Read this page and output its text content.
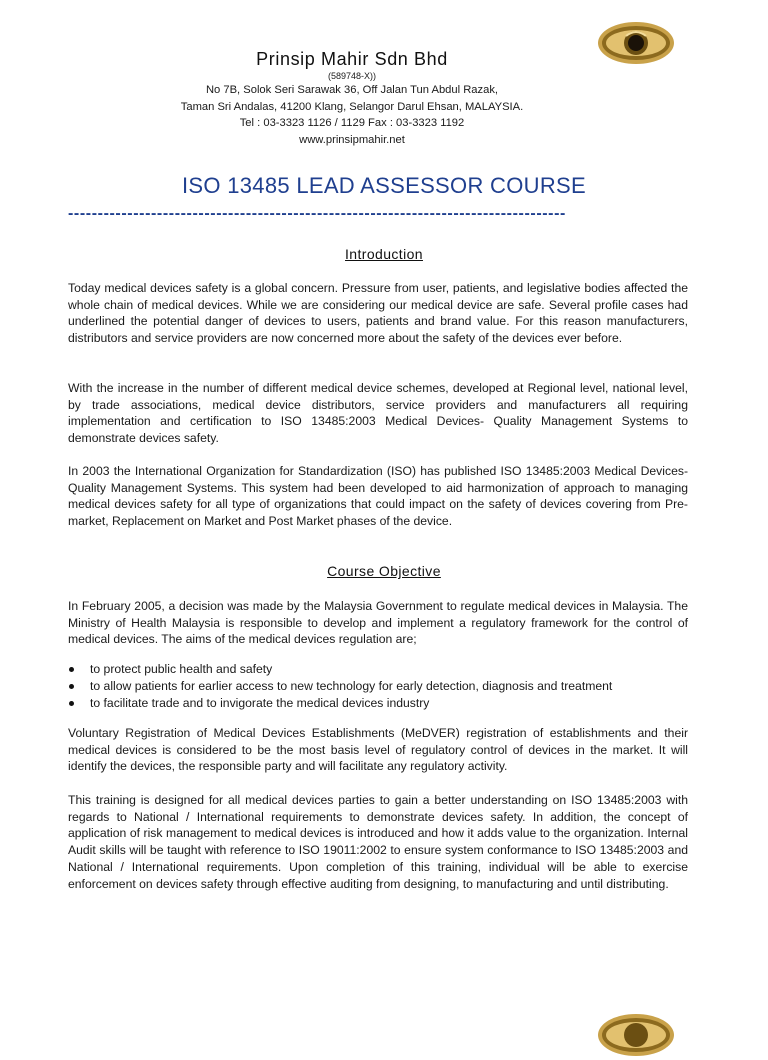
Prinsip Mahir Sdn Bhd
(589748-X))
No 7B, Solok Seri Sarawak 36, Off Jalan Tun Abdul Razak,
Taman Sri Andalas, 41200 Klang, Selangor Darul Ehsan, MALAYSIA.
Tel : 03-3323 1126 / 1129 Fax : 03-3323 1192
www.prinsipmahir.net
ISO 13485 LEAD ASSESSOR COURSE
------------------------------------------------------------------------------------
Introduction

Today medical devices safety is a global concern. Pressure from user, patients, and legislative bodies affected the whole chain of medical devices. While we are considering our medical device are safe. Several profile cases had underlined the potential danger of devices to users, patients and brand value. For this reason manufacturers, distributors and service providers are now concerned more about the safety of the devices ever before.

With the increase in the number of different medical device schemes, developed at Regional level, national level, by trade associations, medical device distributors, service providers and manufacturers all requiring implementation and certification to ISO 13485:2003 Medical Devices- Quality Management Systems to demonstrate devices safety.

In 2003 the International Organization for Standardization (ISO) has published ISO 13485:2003 Medical Devices- Quality Management Systems. This system had been developed to aid harmonization of approach to managing medical devices safety for all type of organizations that could impact on the safety of devices covering from Pre-market, Replacement on Market and Post Market phases of the device.

Course Objective

In February 2005, a decision was made by the Malaysia Government to regulate medical devices in Malaysia. The Ministry of Health Malaysia is responsible to develop and implement a regulatory framework for the control of medical devices. The aims of the medical devices regulation are;

to protect public health and safety
to allow patients for earlier access to new technology for early detection, diagnosis and treatment
to facilitate trade and to invigorate the medical devices industry

Voluntary Registration of Medical Devices Establishments (MeDVER) registration of establishments and their medical devices is considered to be the most basis level of regulatory control of devices in the market. It will identify the devices, the responsible party and will facilitate any regulatory activity.

This training is designed for all medical devices parties to gain a better understanding on ISO 13485:2003 with regards to National / International requirements to demonstrate devices safety. In addition, the concept of application of risk management to medical devices is introduced and how it adds value to the organization. Internal Audit skills will be taught with reference to ISO 19011:2002 to ensure system conformance to ISO 13485:2003 and National / International requirements. Upon completion of this training, individual will be able to exercise enforcement on devices safety through effective auditing from designing, to manufacturing and until distributing.
